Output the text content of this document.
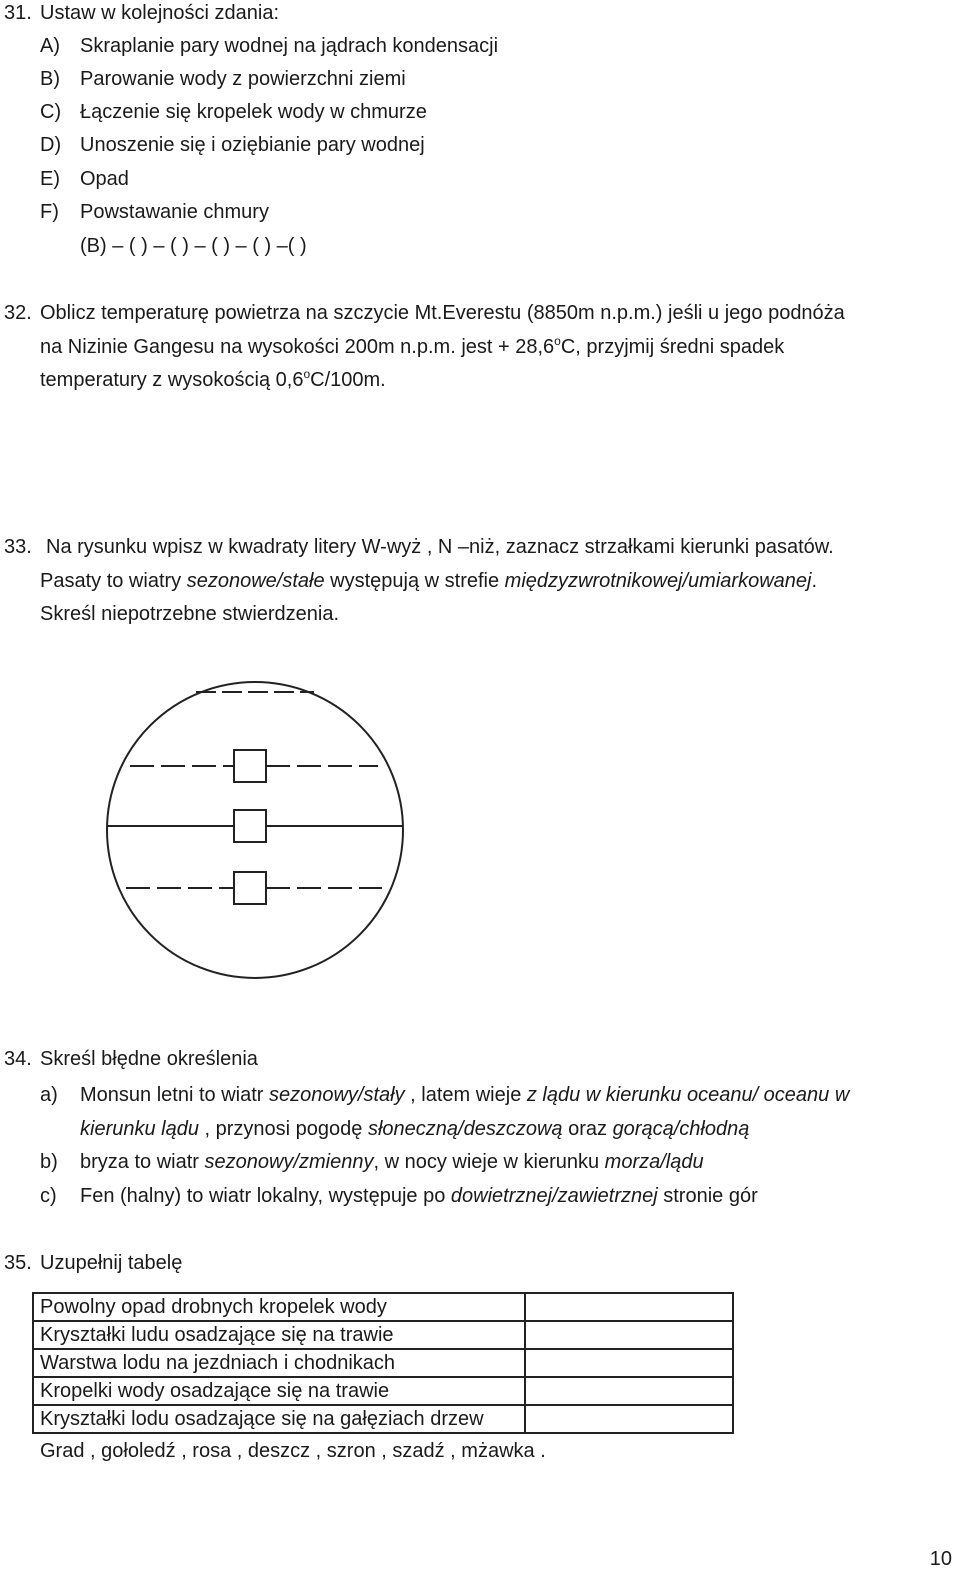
31. Ustaw w kolejności zdania:
A) Skraplanie pary wodnej na jądrach kondensacji
B) Parowanie wody z powierzchni ziemi
C) Łączenie się kropelek wody w chmurze
D) Unoszenie się i oziębianie pary wodnej
E) Opad
F) Powstawanie chmury
(B) – ( ) – ( ) – ( ) – ( ) –( )
32. Oblicz temperaturę powietrza na szczycie Mt.Everestu (8850m n.p.m.) jeśli u jego podnóża
na Nizinie Gangesu na wysokości 200m n.p.m. jest + $28,6^oC$, przyjmij średni spadek
temperatury z wysokością 0,6$^o$C/100m.
33. Na rysunku wpisz w kwadraty litery W-wyż , N –niż, zaznacz strzałkami kierunki pasatów.
Pasaty to wiatry sezonowe/stałe występują w strefie międzyzwrotnikowej/umiarkowanej.
Skreśl niepotrzebne stwierdzenia.
34. Skreśl błędne określenia
a) Monsun letni to wiatr sezonowy/stały , latem wieje z lądu w kierunku oceanu/ oceanu w
kierunku lądu , przynosi pogodę słoneczną/deszczową oraz gorącą/chłodną
b) bryza to wiatr sezonowy/zmienny, w nocy wieje w kierunku morza/lądu
c) Fen (halny) to wiatr lokalny, występuje po dowietrznej/zawietrznej stronie gór
35. Uzupełnij tabelę
Powolny opad drobnych kropelek wody	
Kryształki ludu osadzające się na trawie	
Warstwa lodu na jezdniach i chodnikach	
Kropelki wody osadzające się na trawie	
Kryształki lodu osadzające się na gałęziach drzew	
Grad , gołoledź , rosa , deszcz , szron , szadź , mżawka .
10
